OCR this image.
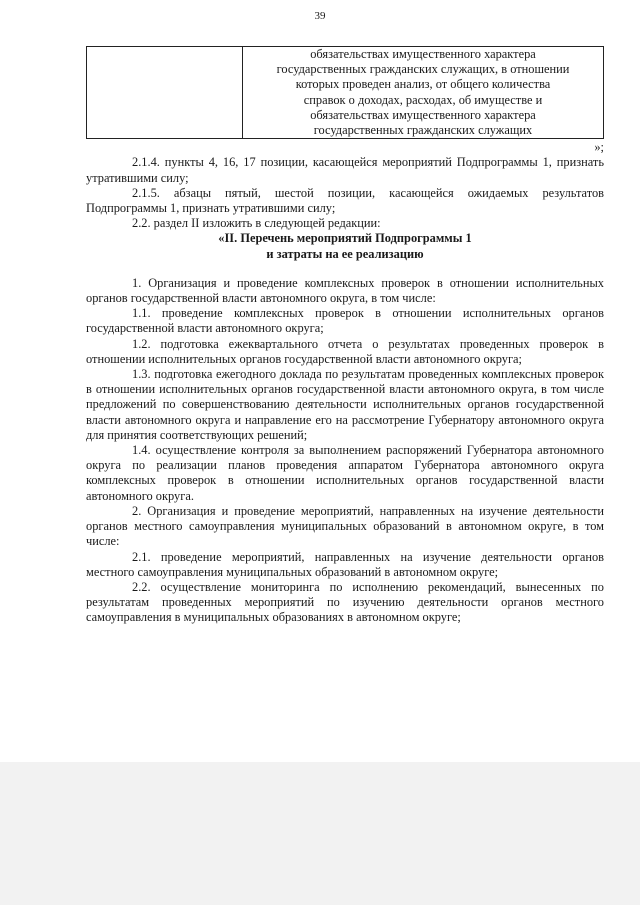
39

обязательствах имущественного характера
государственных гражданских служащих, в отношении
которых проведен анализ, от общего количества
справок о доходах, расходах, об имуществе и
обязательствах имущественного характера
государственных гражданских служащих
»;

2.1.4. пункты 4, 16, 17 позиции, касающейся мероприятий Подпрограммы 1, признать утратившими силу;

2.1.5. абзацы пятый, шестой позиции, касающейся ожидаемых результатов Подпрограммы 1, признать утратившими силу;

2.2. раздел II изложить в следующей редакции:

«II. Перечень мероприятий Подпрограммы 1
и затраты на ее реализацию

1. Организация и проведение комплексных проверок в отношении исполнительных органов государственной власти автономного округа, в том числе:

1.1. проведение комплексных проверок в отношении исполнительных органов государственной власти автономного округа;

1.2. подготовка ежеквартального отчета о результатах проведенных проверок в отношении исполнительных органов государственной власти автономного округа;

1.3. подготовка ежегодного доклада по результатам проведенных комплексных проверок в отношении исполнительных органов государственной власти автономного округа, в том числе предложений по совершенствованию деятельности исполнительных органов государственной власти автономного округа и направление его на рассмотрение Губернатору автономного округа для принятия соответствующих решений;

1.4. осуществление контроля за выполнением распоряжений Губернатора автономного округа по реализации планов проведения аппаратом Губернатора автономного округа комплексных проверок в отношении исполнительных органов государственной власти автономного округа.

2. Организация и проведение мероприятий, направленных на изучение деятельности органов местного самоуправления муниципальных образований в автономном округе, в том числе:

2.1. проведение мероприятий, направленных на изучение деятельности органов местного самоуправления муниципальных образований в автономном округе;

2.2. осуществление мониторинга по исполнению рекомендаций, вынесенных по результатам проведенных мероприятий по изучению деятельности органов местного самоуправления в муниципальных образованиях в автономном округе;
